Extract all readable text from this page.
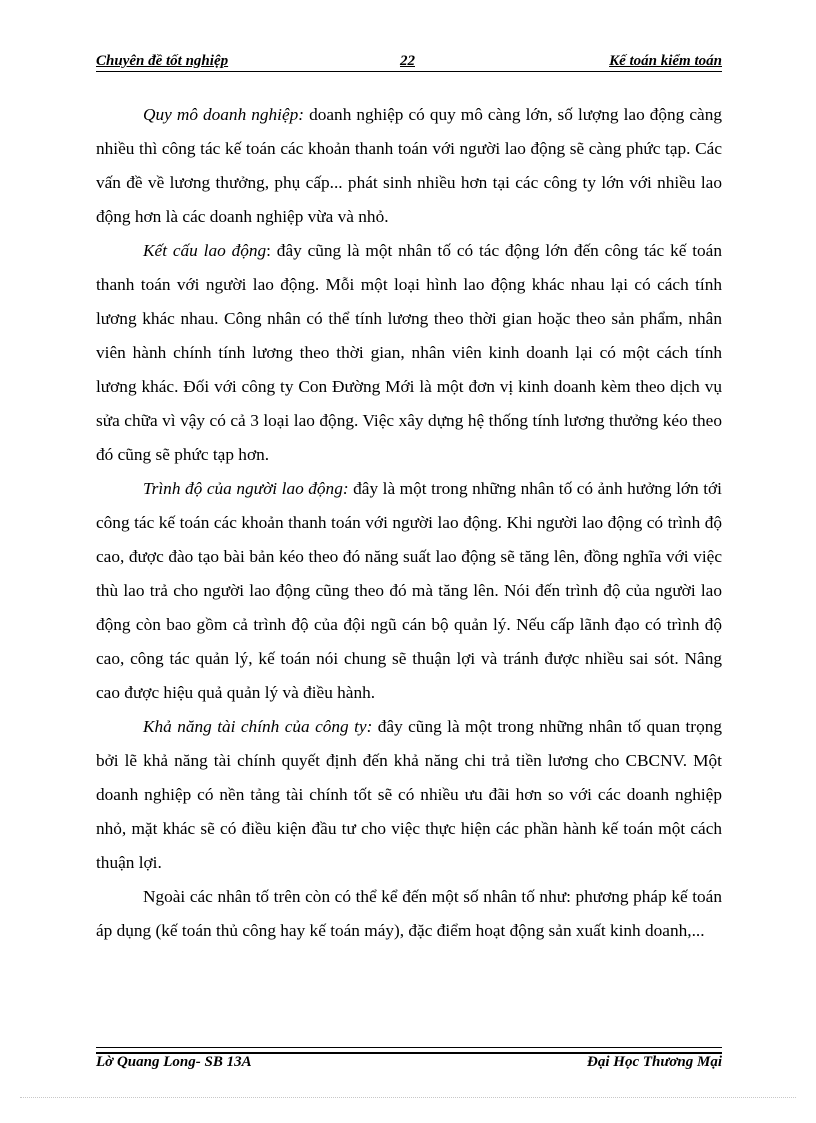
Chuyên đề tốt nghiệp	22	Kế toán kiểm toán

Quy mô doanh nghiệp: doanh nghiệp có quy mô càng lớn, số lượng lao động càng nhiều thì công tác kế toán các khoản thanh toán với người lao động sẽ càng phức tạp. Các vấn đề về lương thưởng, phụ cấp... phát sinh nhiều hơn tại các công ty lớn với nhiều lao động hơn là các doanh nghiệp vừa và nhỏ.

Kết cấu lao động: đây cũng là một nhân tố có tác động lớn đến công tác kế toán thanh toán với người lao động. Mỗi một loại hình lao động khác nhau lại có cách tính lương khác nhau. Công nhân có thể tính lương theo thời gian hoặc theo sản phẩm, nhân viên hành chính tính lương theo thời gian, nhân viên kinh doanh lại có một cách tính lương khác. Đối với công ty Con Đường Mới là một đơn vị kinh doanh kèm theo dịch vụ sửa chữa vì vậy có cả 3 loại lao động. Việc xây dựng hệ thống tính lương thưởng kéo theo đó cũng sẽ phức tạp hơn.

Trình độ của người lao động: đây là một trong những nhân tố có ảnh hưởng lớn tới công tác kế toán các khoản thanh toán với người lao động. Khi người lao động có trình độ cao, được đào tạo bài bản kéo theo đó năng suất lao động sẽ tăng lên, đồng nghĩa với việc thù lao trả cho người lao động cũng theo đó mà tăng lên. Nói đến trình độ của người lao động còn bao gồm cả trình độ của đội ngũ cán bộ quản lý. Nếu cấp lãnh đạo có trình độ cao, công tác quản lý, kế toán nói chung sẽ thuận lợi và tránh được nhiều sai sót. Nâng cao được hiệu quả quản lý và điều hành.

Khả năng tài chính của công ty: đây cũng là một trong những nhân tố quan trọng bởi lẽ khả năng tài chính quyết định đến khả năng chi trả tiền lương cho CBCNV. Một doanh nghiệp có nền tảng tài chính tốt sẽ có nhiều ưu đãi hơn so với các doanh nghiệp nhỏ, mặt khác sẽ có điều kiện đầu tư cho việc thực hiện các phần hành kế toán một cách thuận lợi.

Ngoài các nhân tố trên còn có thể kể đến một số nhân tố như: phương pháp kế toán áp dụng (kế toán thủ công hay kế toán máy), đặc điểm hoạt động sản xuất kinh doanh,...

Lờ Quang Long- SB 13A	Đại Học Thương Mại
